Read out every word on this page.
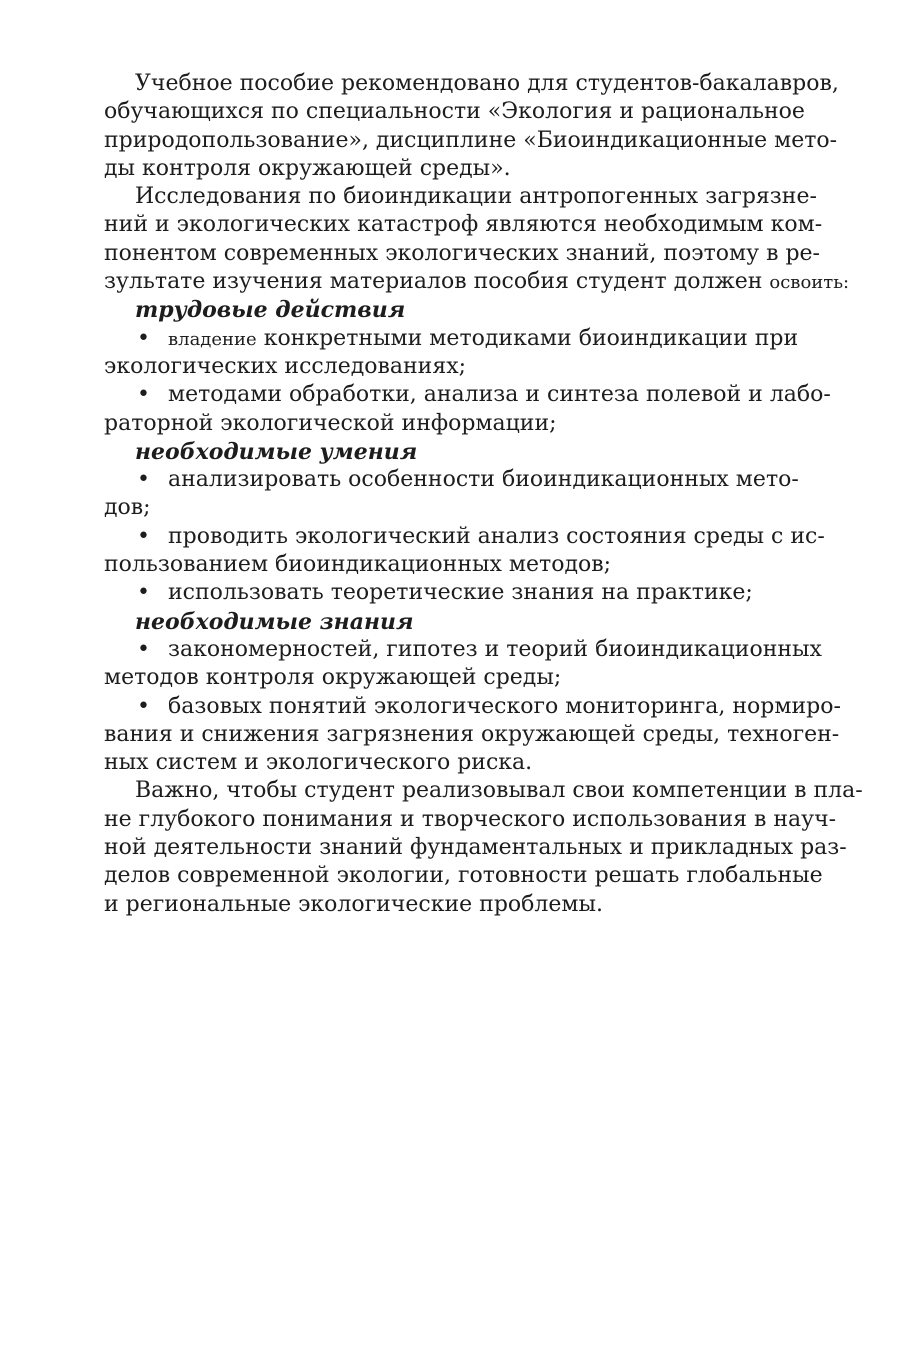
Учебное пособие рекомендовано для студентов-бакалавров,
обучающихся по специальности «Экология и рациональное
природопользование», дисциплине «Биоиндикационные мето-
ды контроля окружающей среды».
Исследования по биоиндикации антропогенных загрязне-
ний и экологических катастроф являются необходимым ком-
понентом современных экологических знаний, поэтому в ре-
зультате изучения материалов пособия студент должен освоить:
трудовые действия
• владение конкретными методиками биоиндикации при
экологических исследованиях;
• методами обработки, анализа и синтеза полевой и лабо-
раторной экологической информации;
необходимые умения
• анализировать особенности биоиндикационных мето-
дов;
• проводить экологический анализ состояния среды с ис-
пользованием биоиндикационных методов;
• использовать теоретические знания на практике;
необходимые знания
• закономерностей, гипотез и теорий биоиндикационных
методов контроля окружающей среды;
• базовых понятий экологического мониторинга, нормиро-
вания и снижения загрязнения окружающей среды, техноген-
ных систем и экологического риска.
Важно, чтобы студент реализовывал свои компетенции в пла-
не глубокого понимания и творческого использования в науч-
ной деятельности знаний фундаментальных и прикладных раз-
делов современной экологии, готовности решать глобальные
и региональные экологические проблемы.
